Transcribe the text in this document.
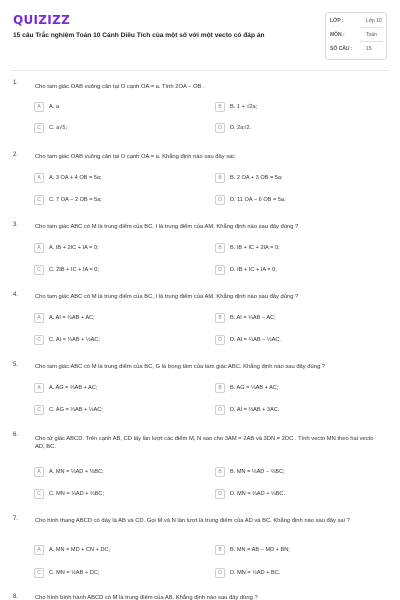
QUIZIZZ
15 câu Trắc nghiệm Toán 10 Cánh Diều Tích của một số với một vecto có đáp án
LỚP :	Lớp 10
MÔN :	Toán
SỐ CÂU :	15
1.
Cho tam giác OAB vuông cân tại O cạnh OA = a. Tính 2OA − OB .
A	A. a	B	B. 1 + √2a;
C	C. a√5;	D	D. 2a√2.
2.	Cho tam giác OAB vuông cân tại O cạnh OA = a. Khẳng định nào sau đây sai:
A	A. 3 OA + 4 OB = 5a;	B	B. 2 OA + 3 OB = 5a;
C	C. 7 OA − 2 OB = 5a;	D	D. 11 OA − 6 OB = 5a.
3.	Cho tam giác ABC có M là trung điểm của BC, I là trung điểm của AM. Khẳng định nào sau đây đúng ?
A	A. IB + 2IC + IA = 0;	B	B. IB + IC + 2IA = 0;
C	C. 2IB + IC + IA = 0;	D	D. IB + IC + IA = 0;
4.	Cho tam giác ABC có M là trung điểm của BC, I là trung điểm của AM. Khẳng định nào sau đây đúng ?
A	A. AI = ¼AB + AC;	B	B. AI = ¼AB − AC;
C	C. AI = ¼AB + ½AC;	D	D. AI = ¼AB − ½AC.
5.	Cho tam giác ABC có M là trung điểm của BC, G là trọng tâm của tam giác ABC. Khẳng định nào sau đây đúng ?
A	A. AG = ⅔AB + AC;	B	B. AG = ⅓AB + AC;
C	C. AG = ⅓AB + ⅓AC;	D	D. AI = ⅔AB + 3AC.
6.
Cho tứ giác ABCD. Trên cạnh AB, CD lấy lần lượt các điểm M, N sao cho 3AM = 2AB và 3DN = 2DC . Tính vecto MN theo hai vecto AD, BC.
A	A. MN = ⅓AD + ⅓BC;	B	B. MN = ⅓AD − ⅔BC;
C	C. MN = ⅓AD + ⅔BC;	D	D. MN = ⅔AD + ⅓BC.
7.	Cho hình thang ABCD có đáy là AB và CD. Gọi M và N lần lượt là trung điểm của AD và BC. Khẳng định nào sau đây sai ?
A	A. MN = MD + CN + DC;	B	B. MN = AB − MD + BN;
C	C. MN = ½AB + DC;	D	D. MN = ½AD + BC.
8.	Cho hình bình hành ABCD có M là trung điểm của AB. Khẳng định nào sau đây đúng ?
